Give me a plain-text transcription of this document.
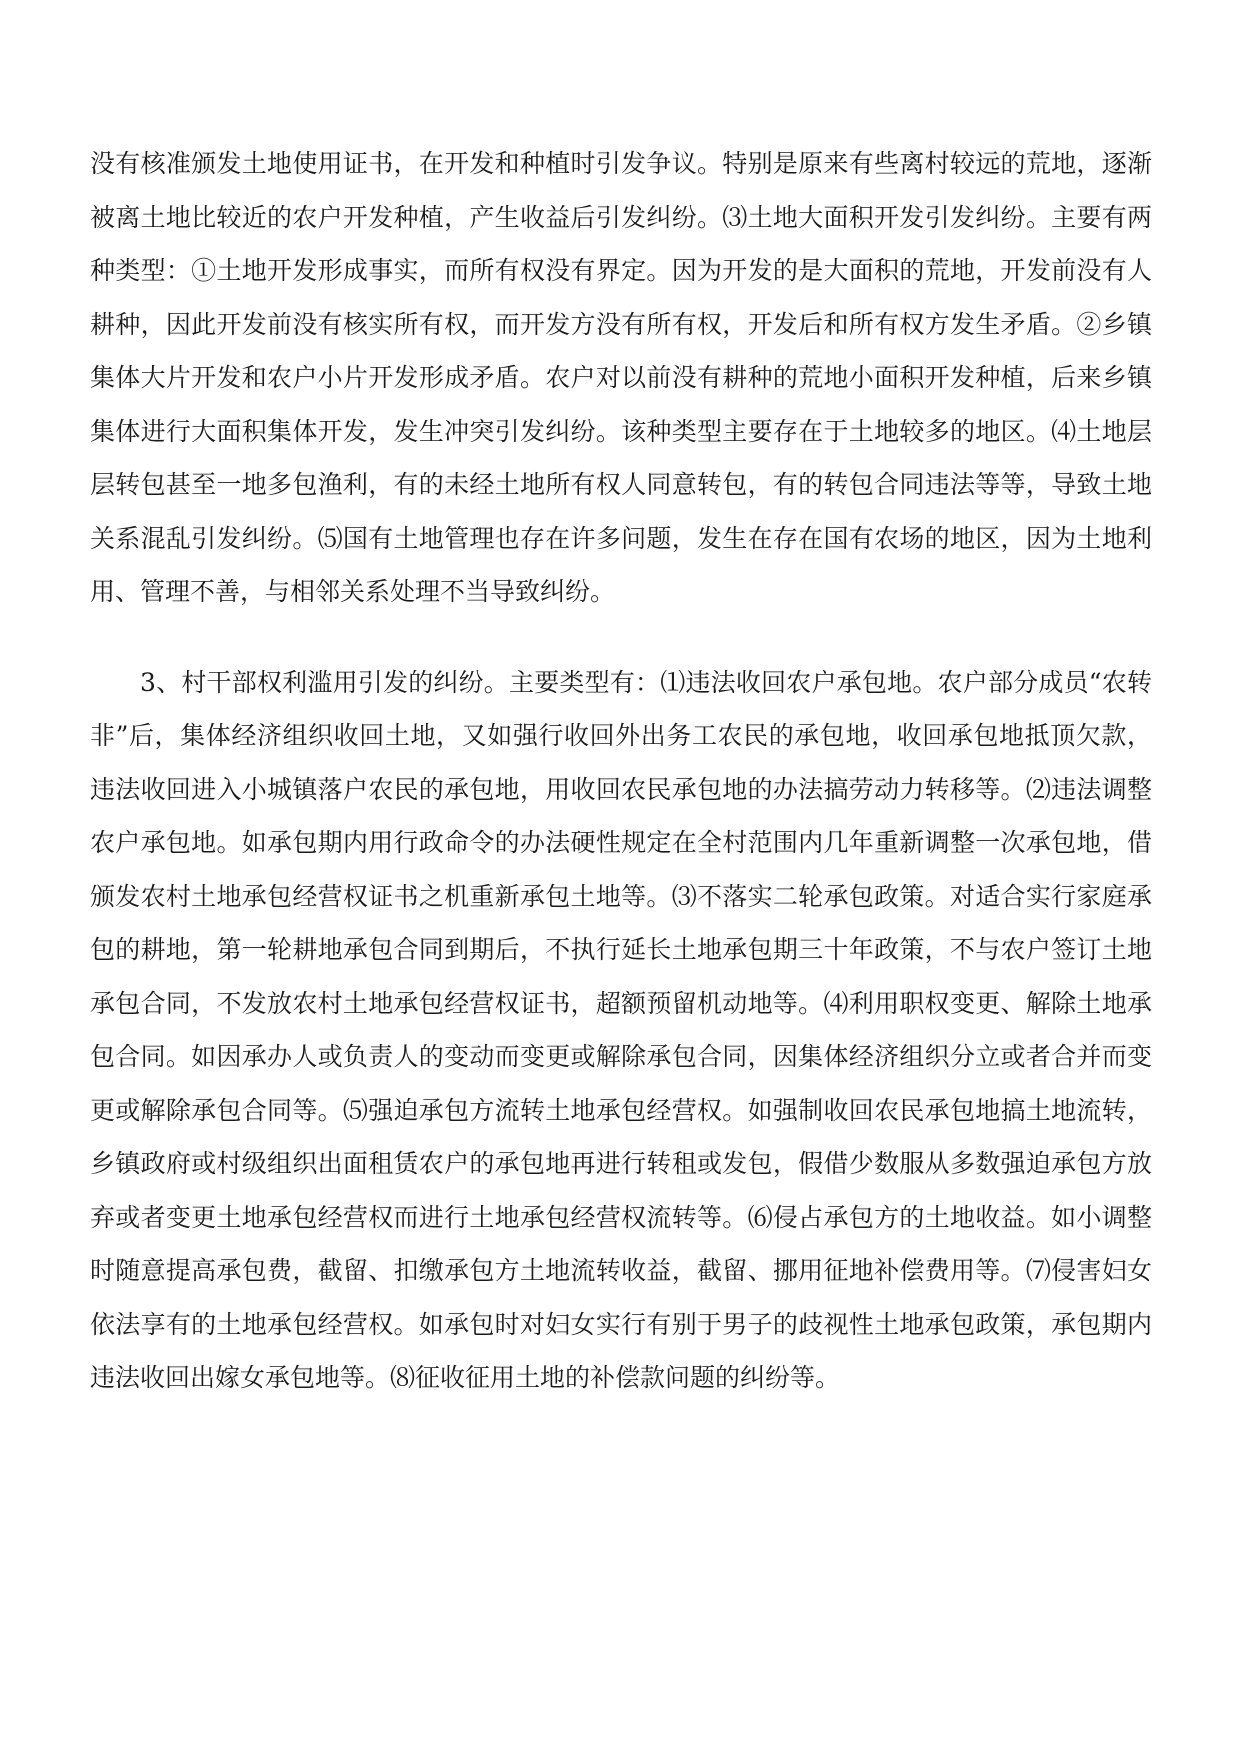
没有核准颁发土地使用证书，在开发和种植时引发争议。特别是原来有些离村较远的荒地，逐渐被离土地比较近的农户开发种植，产生收益后引发纠纷。⑶土地大面积开发引发纠纷。主要有两种类型：①土地开发形成事实，而所有权没有界定。因为开发的是大面积的荒地，开发前没有人耕种，因此开发前没有核实所有权，而开发方没有所有权，开发后和所有权方发生矛盾。②乡镇集体大片开发和农户小片开发形成矛盾。农户对以前没有耕种的荒地小面积开发种植，后来乡镇集体进行大面积集体开发，发生冲突引发纠纷。该种类型主要存在于土地较多的地区。⑷土地层层转包甚至一地多包渔利，有的未经土地所有权人同意转包，有的转包合同违法等等，导致土地关系混乱引发纠纷。⑸国有土地管理也存在许多问题，发生在存在国有农场的地区，因为土地利用、管理不善，与相邻关系处理不当导致纠纷。

3、村干部权利滥用引发的纠纷。主要类型有：⑴违法收回农户承包地。农户部分成员“农转非”后，集体经济组织收回土地，又如强行收回外出务工农民的承包地，收回承包地抵顶欠款，违法收回进入小城镇落户农民的承包地，用收回农民承包地的办法搞劳动力转移等。⑵违法调整农户承包地。如承包期内用行政命令的办法硬性规定在全村范围内几年重新调整一次承包地，借颁发农村土地承包经营权证书之机重新承包土地等。⑶不落实二轮承包政策。对适合实行家庭承包的耕地，第一轮耕地承包合同到期后，不执行延长土地承包期三十年政策，不与农户签订土地承包合同，不发放农村土地承包经营权证书，超额预留机动地等。⑷利用职权变更、解除土地承包合同。如因承办人或负责人的变动而变更或解除承包合同，因集体经济组织分立或者合并而变更或解除承包合同等。⑸强迫承包方流转土地承包经营权。如强制收回农民承包地搞土地流转，乡镇政府或村级组织出面租赁农户的承包地再进行转租或发包，假借少数服从多数强迫承包方放弃或者变更土地承包经营权而进行土地承包经营权流转等。⑹侵占承包方的土地收益。如小调整时随意提高承包费，截留、扣缴承包方土地流转收益，截留、挪用征地补偿费用等。⑺侵害妇女依法享有的土地承包经营权。如承包时对妇女实行有别于男子的歧视性土地承包政策，承包期内违法收回出嫁女承包地等。⑻征收征用土地的补偿款问题的纠纷等。
